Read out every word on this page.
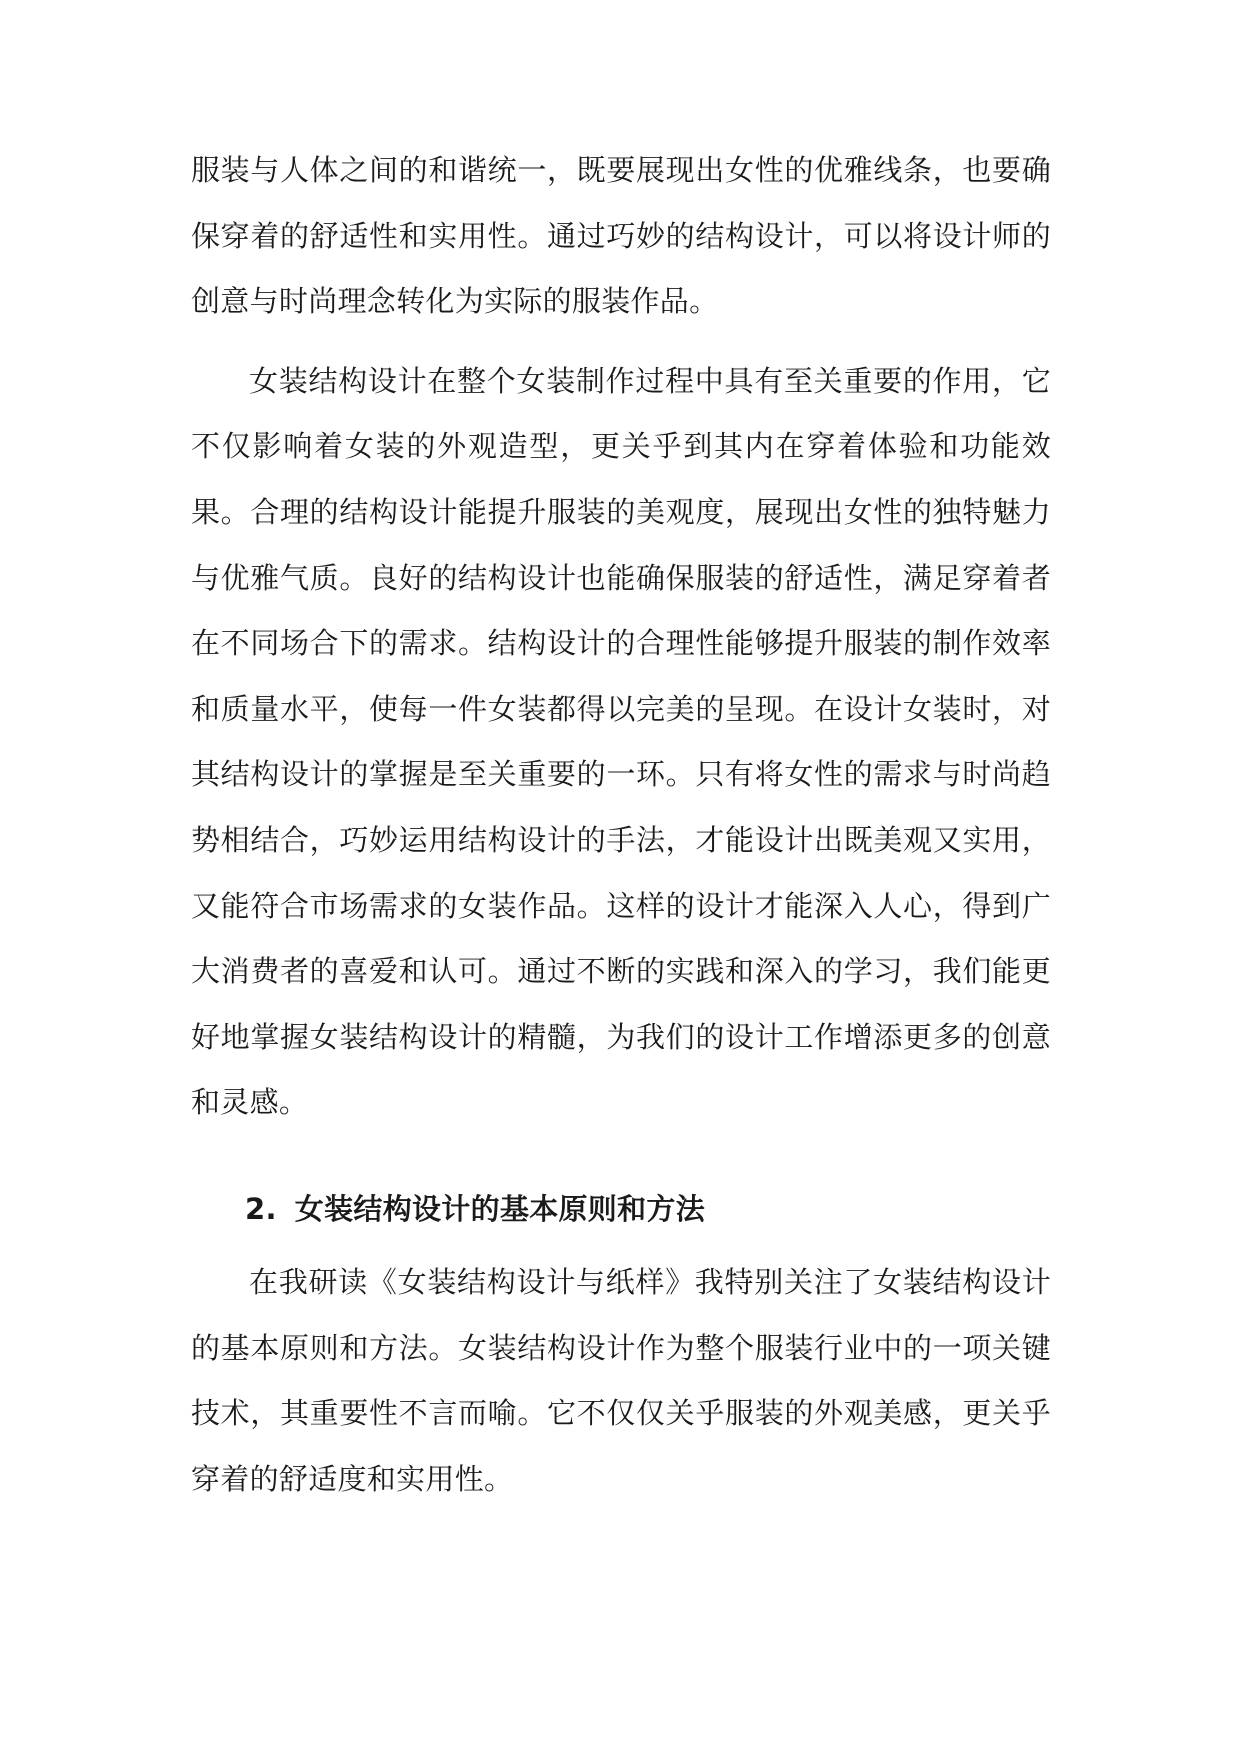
服装与人体之间的和谐统一，既要展现出女性的优雅线条，也要确保穿着的舒适性和实用性。通过巧妙的结构设计，可以将设计师的创意与时尚理念转化为实际的服装作品。

女装结构设计在整个女装制作过程中具有至关重要的作用，它不仅影响着女装的外观造型，更关乎到其内在穿着体验和功能效果。合理的结构设计能提升服装的美观度，展现出女性的独特魅力与优雅气质。良好的结构设计也能确保服装的舒适性，满足穿着者在不同场合下的需求。结构设计的合理性能够提升服装的制作效率和质量水平，使每一件女装都得以完美的呈现。在设计女装时，对其结构设计的掌握是至关重要的一环。只有将女性的需求与时尚趋势相结合，巧妙运用结构设计的手法，才能设计出既美观又实用，又能符合市场需求的女装作品。这样的设计才能深入人心，得到广大消费者的喜爱和认可。通过不断的实践和深入的学习，我们能更好地掌握女装结构设计的精髓，为我们的设计工作增添更多的创意和灵感。

2. 女装结构设计的基本原则和方法

在我研读《女装结构设计与纸样》我特别关注了女装结构设计的基本原则和方法。女装结构设计作为整个服装行业中的一项关键技术，其重要性不言而喻。它不仅仅关乎服装的外观美感，更关乎穿着的舒适度和实用性。
